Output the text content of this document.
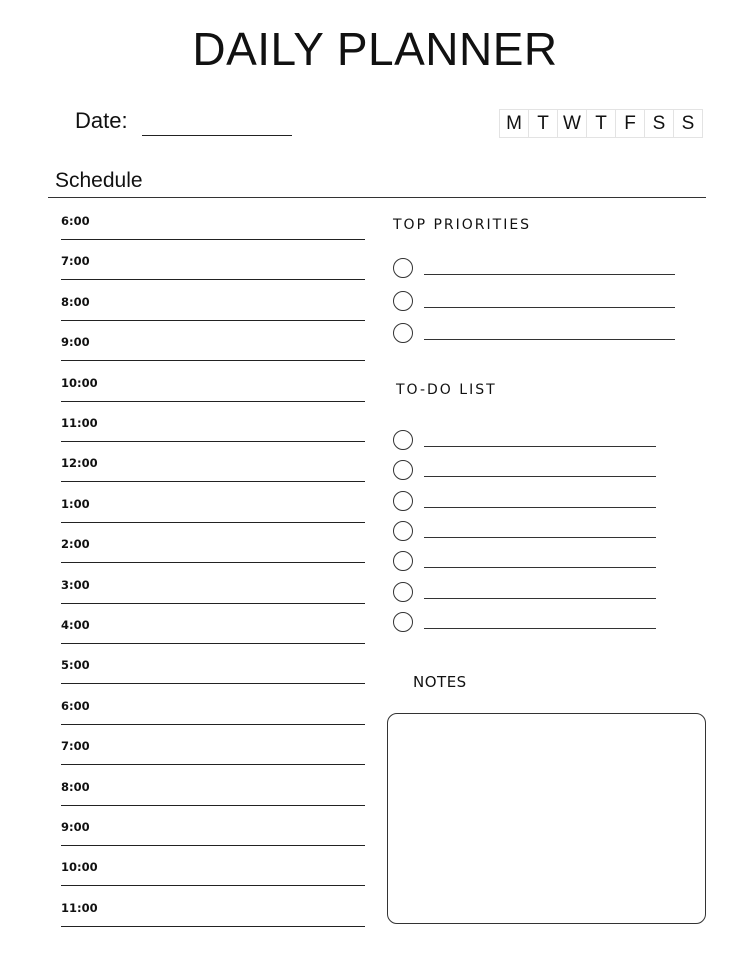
DAILY PLANNER
Date:	M T W T F S S
Schedule
6:00
7:00
8:00
9:00
10:00
11:00
12:00
1:00
2:00
3:00
4:00
5:00
6:00
7:00
8:00
9:00
10:00
11:00
TOP PRIORITIES
TO-DO LIST
NOTES
